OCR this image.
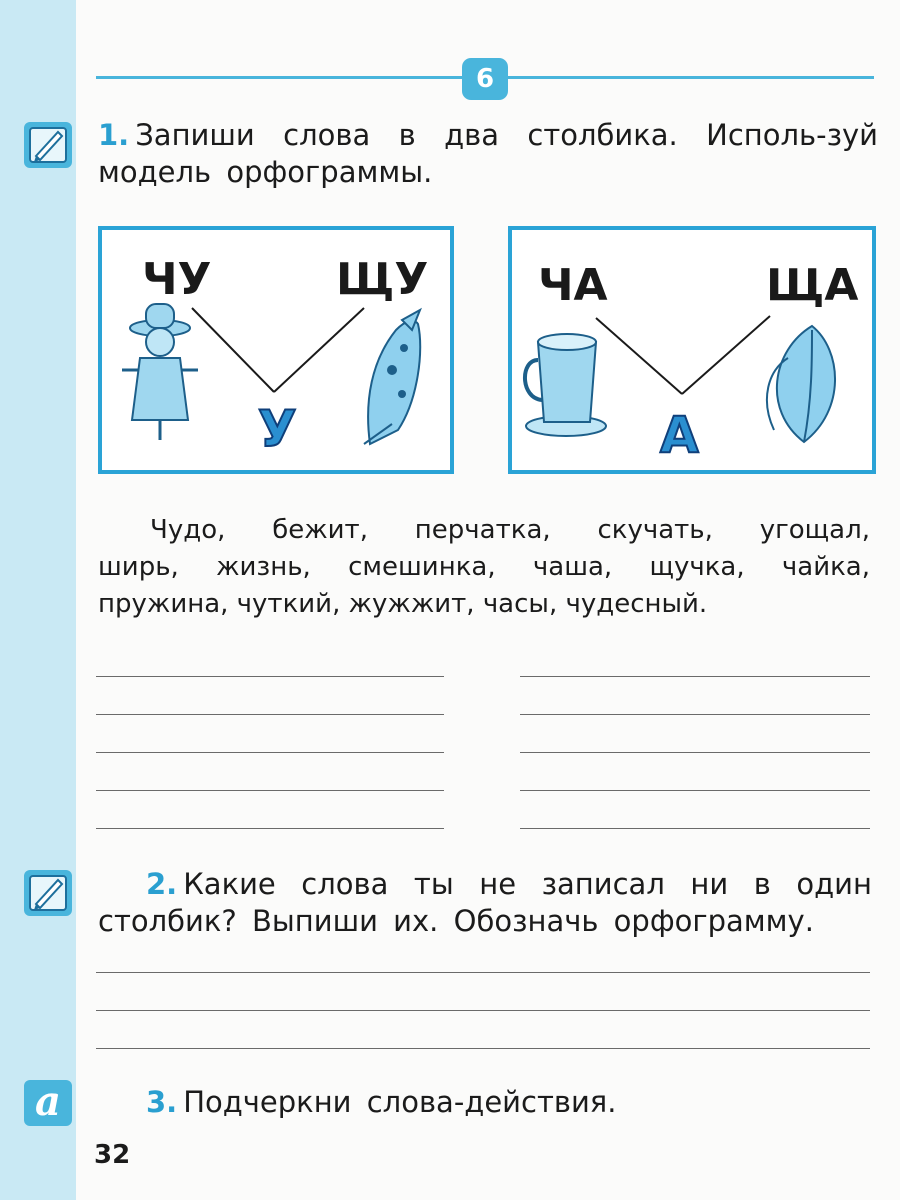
6
1. Запиши слова в два столбика. Исполь-зуй модель орфограммы.
ЧУ	ЩУ
У
ЧА	ЩА
А
Чудо, бежит, перчатка, скучать, угощал,
ширь, жизнь, смешинка, чаша, щучка, чайка,
пружина, чуткий, жужжит, часы, чудесный.
2. Какие слова ты не записал ни в один столбик? Выпиши их. Обозначь орфограмму.
a	3. Подчеркни слова-действия.
32
